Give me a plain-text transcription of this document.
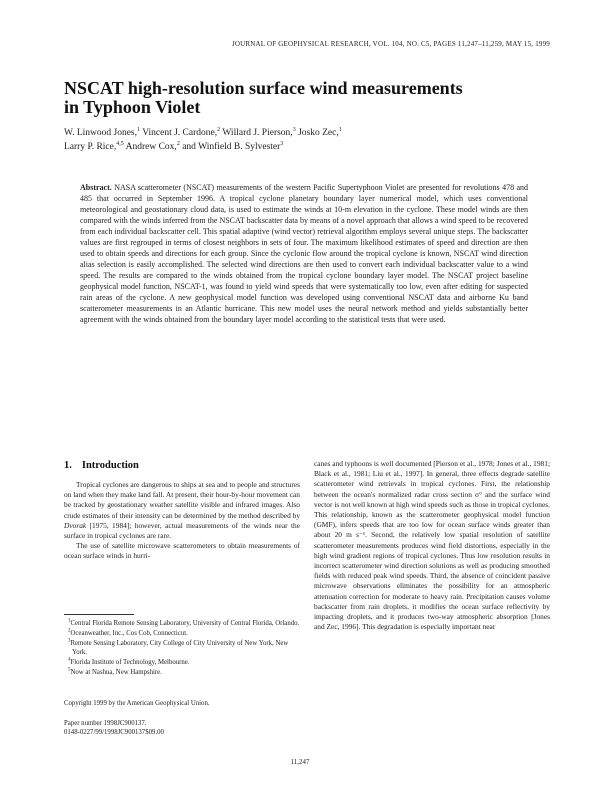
JOURNAL OF GEOPHYSICAL RESEARCH, VOL. 104, NO. C5, PAGES 11,247–11,259, MAY 15, 1999
NSCAT high-resolution surface wind measurements
in Typhoon Violet
W. Linwood Jones,$^1$ Vincent J. Cardone,$^2$ Willard J. Pierson,$^3$ Josko Zec,$^1$
Larry P. Rice,$^{4,5}$ Andrew Cox,$^2$ and Winfield B. Sylvester$^3$
Abstract. NASA scatterometer (NSCAT) measurements of the western Pacific Supertyphoon Violet are presented for revolutions 478 and 485 that occurred in September 1996. A tropical cyclone planetary boundary layer numerical model, which uses conventional meteorological and geostationary cloud data, is used to estimate the winds at 10-m elevation in the cyclone. These model winds are then compared with the winds inferred from the NSCAT backscatter data by means of a novel approach that allows a wind speed to be recovered from each individual backscatter cell. This spatial adaptive (wind vector) retrieval algorithm employs several unique steps. The backscatter values are first regrouped in terms of closest neighbors in sets of four. The maximum likelihood estimates of speed and direction are then used to obtain speeds and directions for each group. Since the cyclonic flow around the tropical cyclone is known, NSCAT wind direction alias selection is easily accomplished. The selected wind directions are then used to convert each individual backscatter value to a wind speed. The results are compared to the winds obtained from the tropical cyclone boundary layer model. The NSCAT project baseline geophysical model function, NSCAT-1, was found to yield wind speeds that were systematically too low, even after editing for suspected rain areas of the cyclone. A new geophysical model function was developed using conventional NSCAT data and airborne Ku band scatterometer measurements in an Atlantic hurricane. This new model uses the neural network method and yields substantially better agreement with the winds obtained from the boundary layer model according to the statistical tests that were used.
1. Introduction

Tropical cyclones are dangerous to ships at sea and to people and structures on land when they make land fall. At present, their hour-by-hour movement can be tracked by geostationary weather satellite visible and infrared images. Also crude estimates of their intensity can be determined by the method described by Dvorak [1975, 1984]; however, actual measurements of the winds near the surface in tropical cyclones are rare.

The use of satellite microwave scatterometers to obtain measurements of ocean surface winds in hurri-

canes and typhoons is well documented [Pierson et al., 1978; Jones et al., 1981; Black et al., 1981; Liu et al., 1997]. In general, three effects degrade satellite scatterometer wind retrievals in tropical cyclones. First, the relationship between the ocean's normalized radar cross section σ° and the surface wind vector is not well known at high wind speeds such as those in tropical cyclones. This relationship, known as the scatterometer geophysical model function (GMF), infers speeds that are too low for ocean surface winds greater than about 20 m s⁻¹. Second, the relatively low spatial resolution of satellite scatterometer measurements produces wind field distortions, especially in the high wind gradient regions of tropical cyclones. Thus low resolution results in incorrect scatterometer wind direction solutions as well as producing smoothed fields with reduced peak wind speeds. Third, the absence of coincident passive microwave observations eliminates the possibility for an atmospheric attenuation correction for moderate to heavy rain. Precipitation causes volume backscatter from rain droplets, it modifies the ocean surface reflectivity by impacting droplets, and it produces two-way atmospheric absorption [Jones and Zec, 1996]. This degradation is especially important near

$^1$Central Florida Remote Sensing Laboratory, University of Central Florida, Orlando.

$^2$Oceanweather, Inc., Cos Cob, Connecticut.

$^3$Remote Sensing Laboratory, City College of City University of New York, New York.

$^4$Florida Institute of Technology, Melbourne.

$^5$Now at Nashua, New Hampshire.

Copyright 1999 by the American Geophysical Union.
Paper number 1998JC900137.
0148-0227/99/1998JC900137$09.00
11,247
